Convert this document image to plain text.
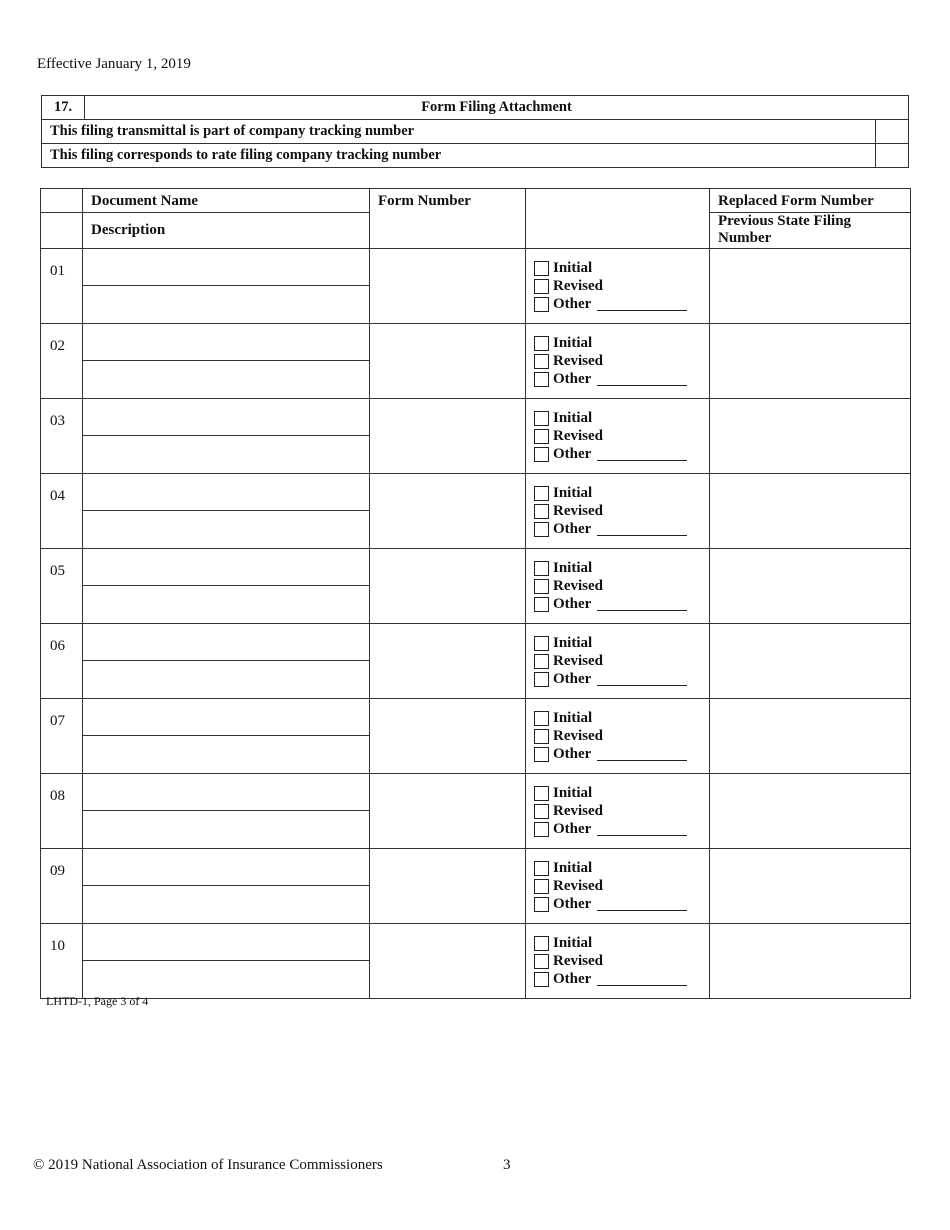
Effective January 1, 2019
17.	Form Filing Attachment	
This filing transmittal is part of company tracking number		
This filing corresponds to rate filing company tracking number		
	Document Name	Form Number		Replaced Form Number
	Description			Previous State Filing Number
01			Initial
Revised
Other	

02			Initial
Revised
Other	

03			Initial
Revised
Other	

04			Initial
Revised
Other	

05			Initial
Revised
Other	

06			Initial
Revised
Other	

07			Initial
Revised
Other	

08			Initial
Revised
Other	

09			Initial
Revised
Other	

10			Initial
Revised
Other	

LHTD-1, Page 3 of 4
© 2019 National Association of Insurance Commissioners	3
